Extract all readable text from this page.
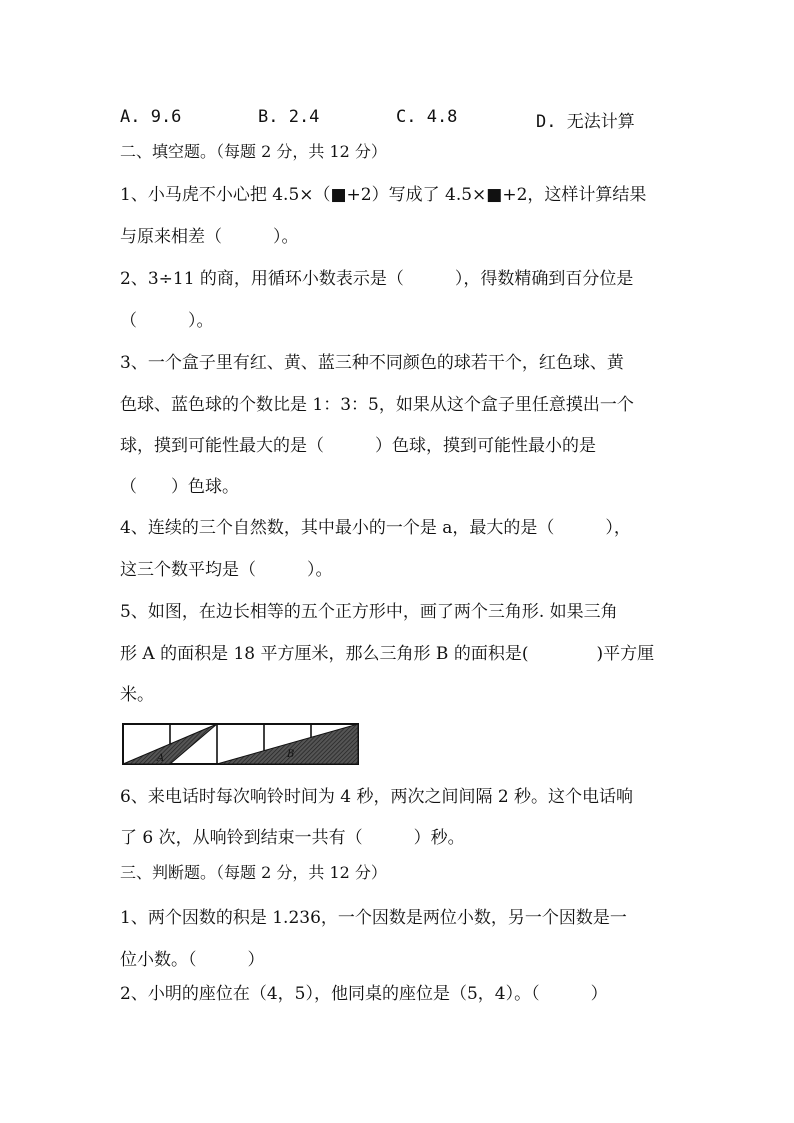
A. 9.6	B. 2.4	C. 4.8	D. 无法计算
二、填空题。（每题 2 分，共 12 分）
1、小马虎不小心把 4.5×（■+2）写成了 4.5×■+2，这样计算结果
与原来相差（　　　）。
2、3÷11 的商，用循环小数表示是（　　　），得数精确到百分位是
（　　　）。
3、一个盒子里有红、黄、蓝三种不同颜色的球若干个，红色球、黄
色球、蓝色球的个数比是 1：3：5，如果从这个盒子里任意摸出一个
球，摸到可能性最大的是（　　　）色球，摸到可能性最小的是
（　　）色球。
4、连续的三个自然数，其中最小的一个是 a，最大的是（　　　），
这三个数平均是（　　　）。
5、如图，在边长相等的五个正方形中，画了两个三角形. 如果三角
形 A 的面积是 18 平方厘米，那么三角形 B 的面积是(　　　　)平方厘
米。
A	B
6、来电话时每次响铃时间为 4 秒，两次之间间隔 2 秒。这个电话响
了 6 次，从响铃到结束一共有（　　　）秒。
三、判断题。（每题 2 分，共 12 分）
1、两个因数的积是 1.236，一个因数是两位小数，另一个因数是一
位小数。（　　　）
2、小明的座位在（4，5），他同桌的座位是（5，4）。（　　　）
